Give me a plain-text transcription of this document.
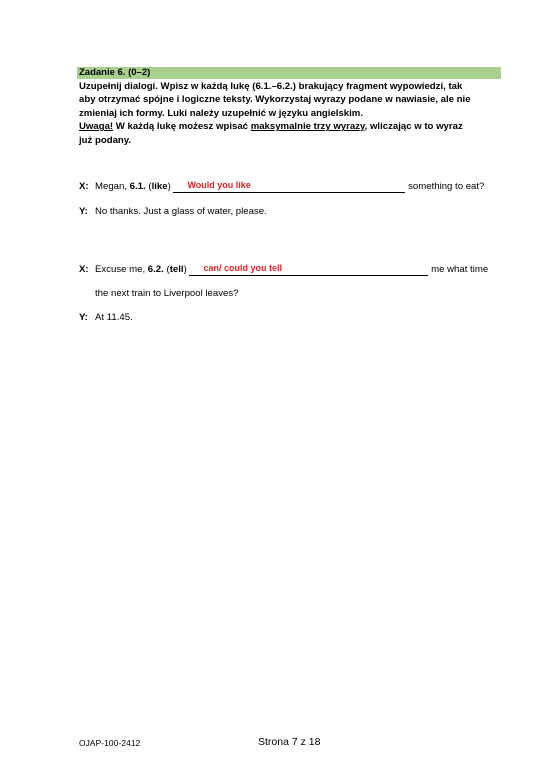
Zadanie 6. (0–2)
Uzupełnij dialogi. Wpisz w każdą lukę (6.1.–6.2.) brakujący fragment wypowiedzi, tak
aby otrzymać spójne i logiczne teksty. Wykorzystaj wyrazy podane w nawiasie, ale nie
zmieniaj ich formy. Luki należy uzupełnić w języku angielskim.
Uwaga! W każdą lukę możesz wpisać maksymalnie trzy wyrazy, wliczając w to wyraz
już podany.
X: Megan, 6.1. (like) Would you like	something to eat?
Y: No thanks. Just a glass of water, please.
X: Excuse me, 6.2. (tell) can/ could you tell	me what time
the next train to Liverpool leaves?
Y: At 11.45.
OJAP-100-2412	Strona 7 z 18
